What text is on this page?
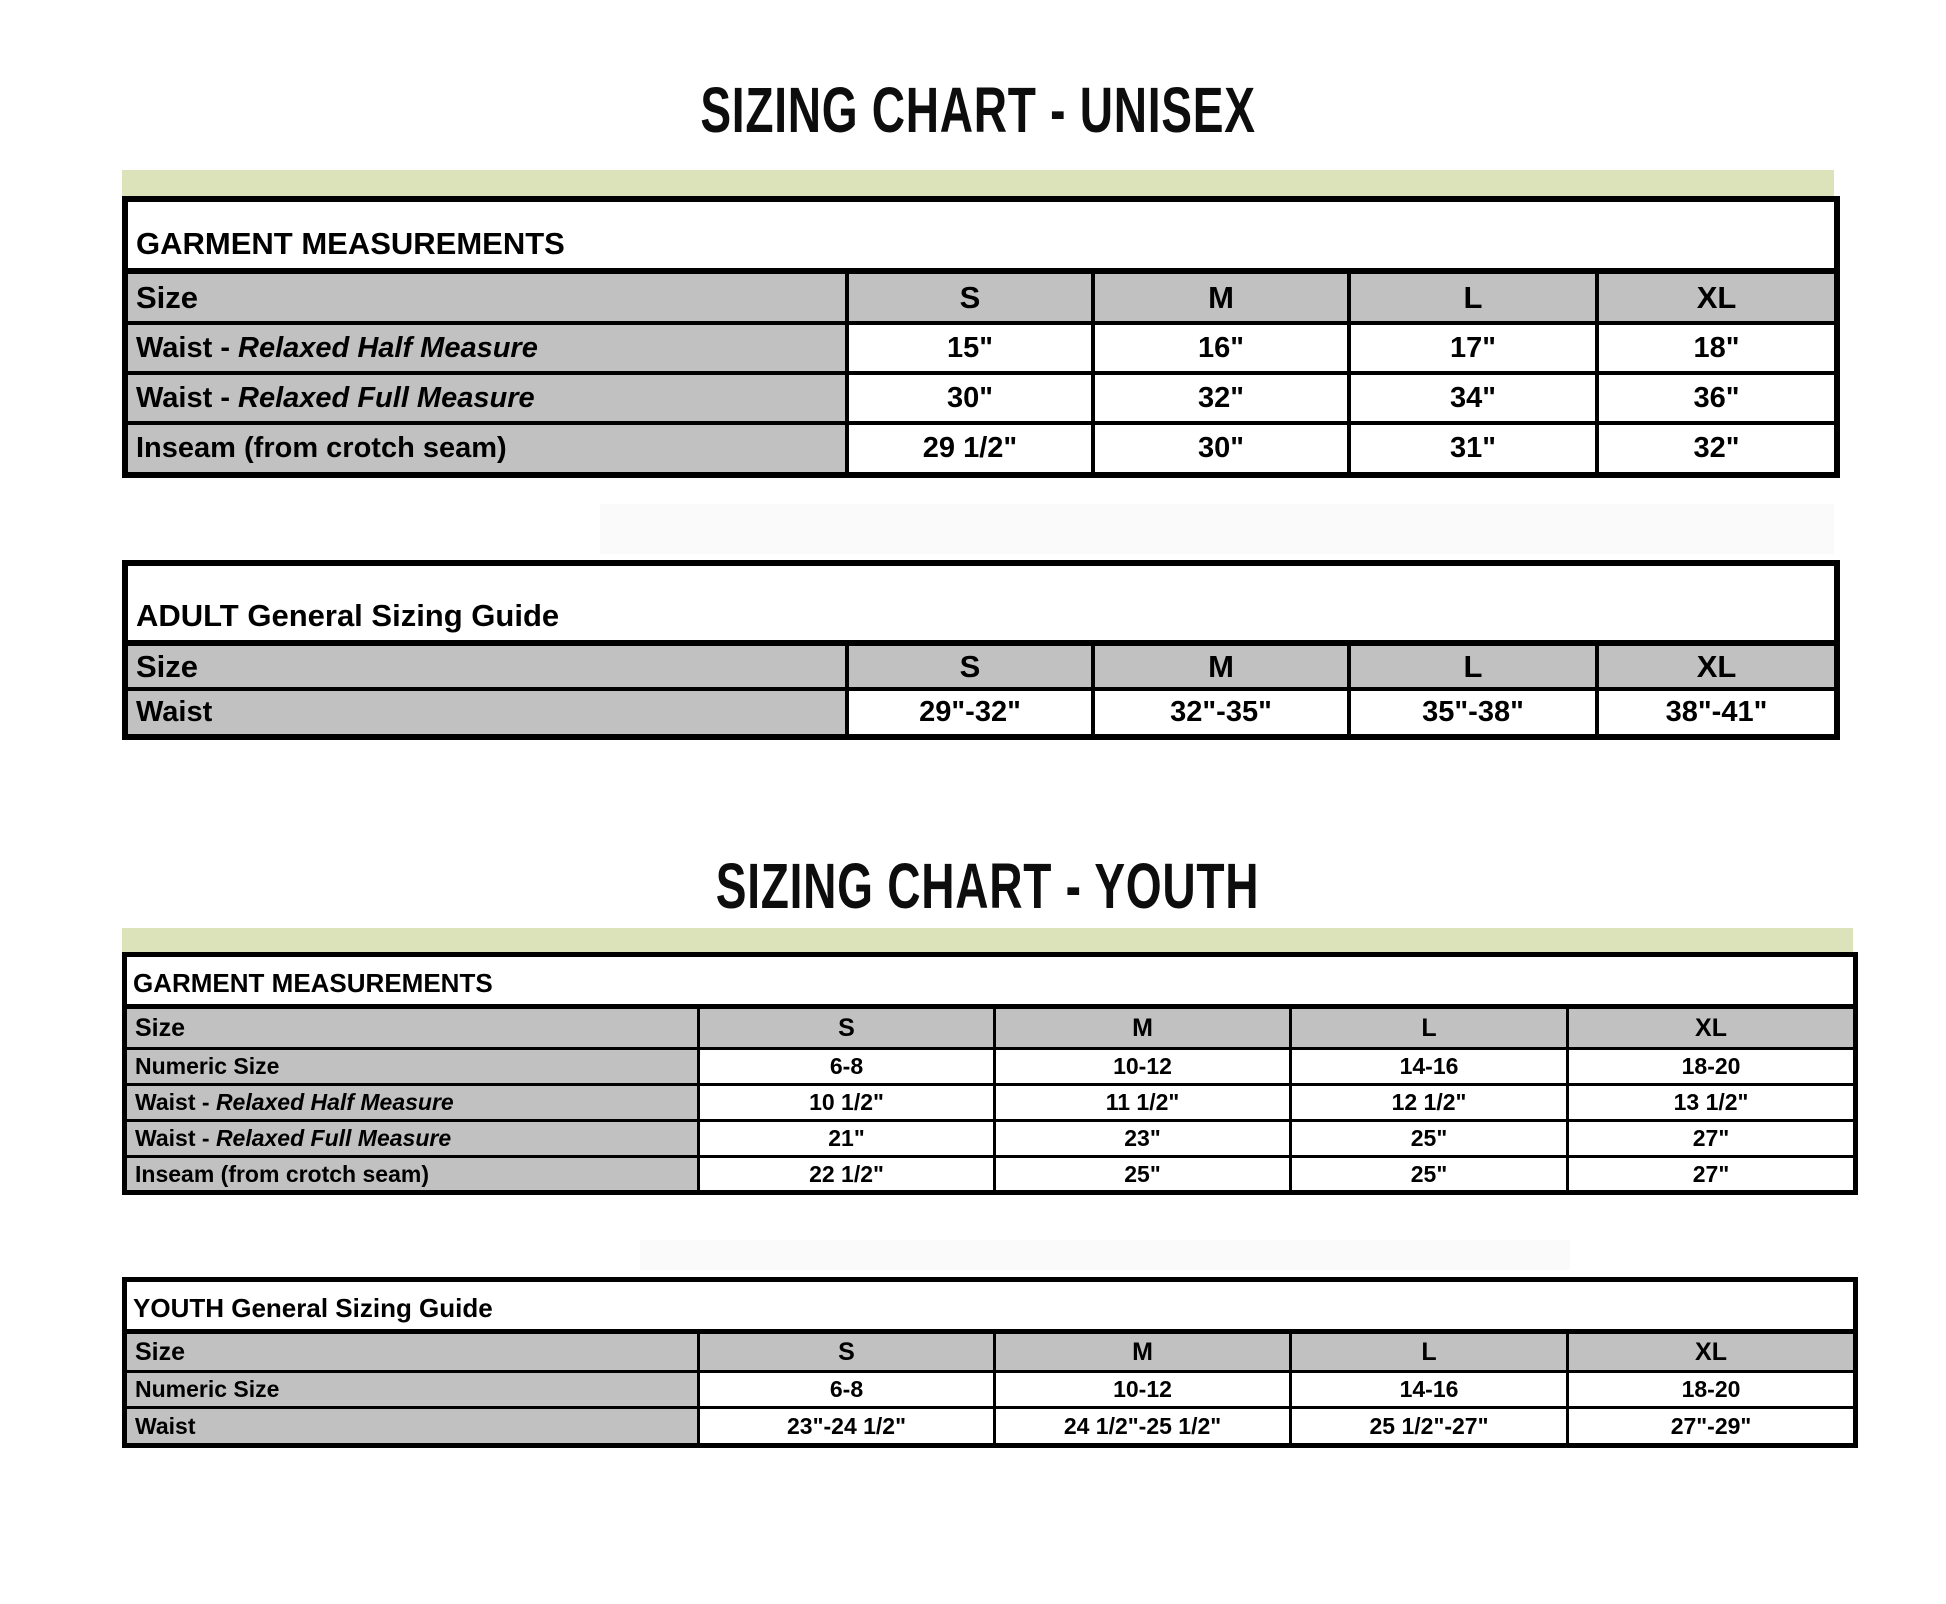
SIZING CHART - UNISEX
GARMENT MEASUREMENTS				
Size	S	M	L	XL
Waist - Relaxed Half Measure	15"	16"	17"	18"
Waist - Relaxed Full Measure	30"	32"	34"	36"
Inseam (from crotch seam)	29 1/2"	30"	31"	32"
ADULT General Sizing Guide				
Size	S	M	L	XL
Waist	29"-32"	32"-35"	35"-38"	38"-41"
SIZING CHART - YOUTH
GARMENT MEASUREMENTS				
Size	S	M	L	XL
Numeric Size	6-8	10-12	14-16	18-20
Waist - Relaxed Half Measure	10 1/2"	11 1/2"	12 1/2"	13 1/2"
Waist - Relaxed Full Measure	21"	23"	25"	27"
Inseam (from crotch seam)	22 1/2"	25"	25"	27"
YOUTH General Sizing Guide				
Size	S	M	L	XL
Numeric Size	6-8	10-12	14-16	18-20
Waist	23"-24 1/2"	24 1/2"-25 1/2"	25 1/2"-27"	27"-29"
